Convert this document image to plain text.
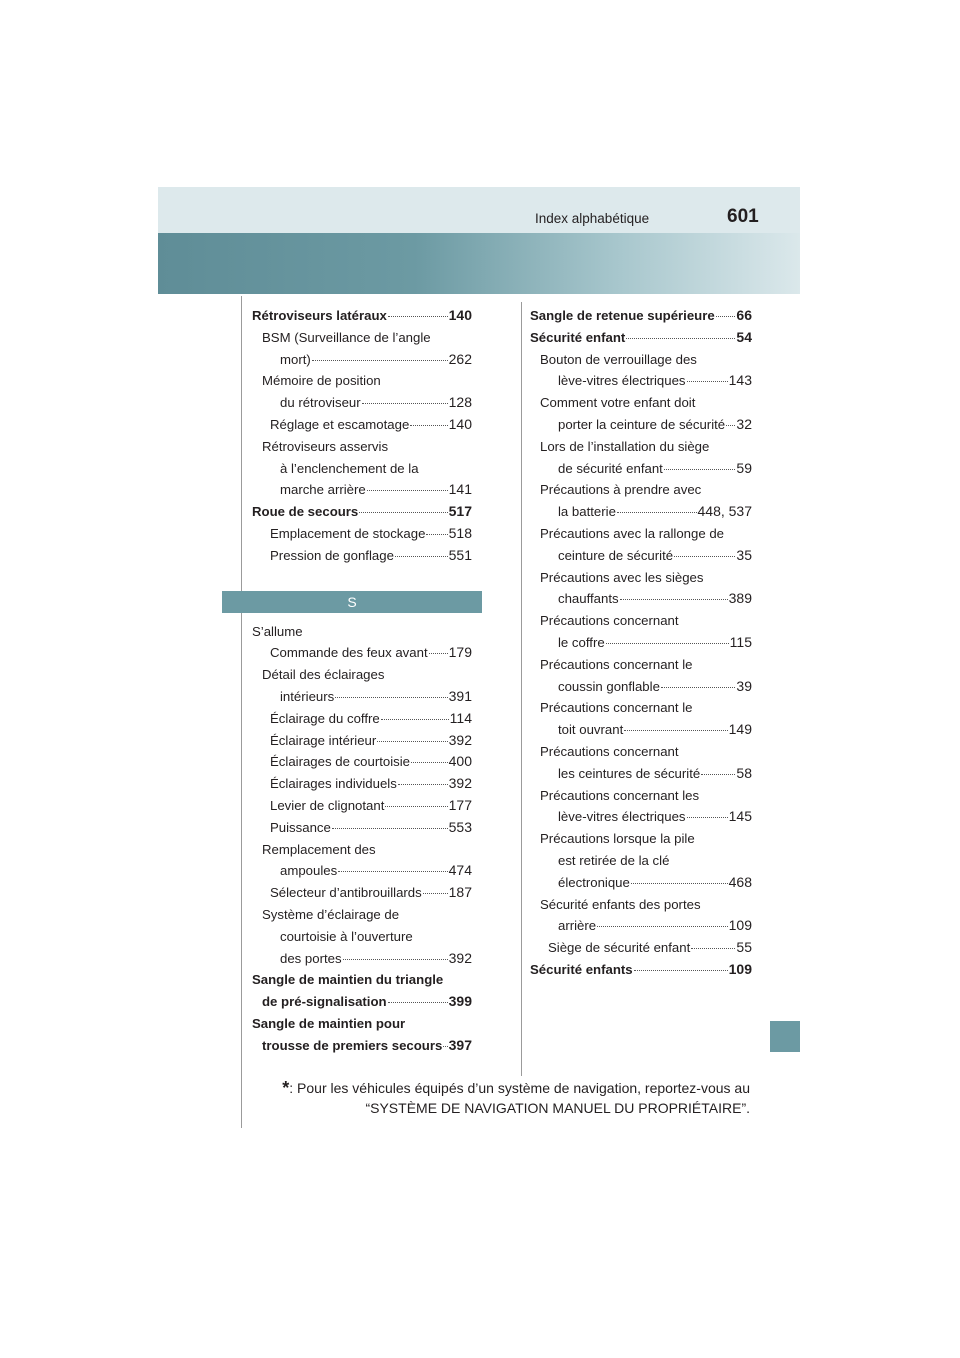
Index alphabétique	601
Rétroviseurs latéraux	140
BSM (Surveillance de l’angle
mort)	262
Mémoire de position
du rétroviseur	128
Réglage et escamotage	140
Rétroviseurs asservis
à l’enclenchement de la
marche arrière	141
Roue de secours	517
Emplacement de stockage 518
Pression de gonflage	551
S
S’allume
Commande des feux avant 179
Détail des éclairages
intérieurs	391
Éclairage du coffre	114
Éclairage intérieur	392
Éclairages de courtoisie	400
Éclairages individuels	392
Levier de clignotant	177
Puissance	553
Remplacement des
ampoules	474
Sélecteur d’antibrouillards 187
Système d’éclairage de
courtoisie à l’ouverture
des portes	392
Sangle de maintien du triangle
de pré-signalisation	399
Sangle de maintien pour
trousse de premiers secours 397
Sangle de retenue supérieure 66
Sécurité enfant	54
Bouton de verrouillage des
lève-vitres électriques	143
Comment votre enfant doit
porter la ceinture de sécurité 32
Lors de l’installation du siège
de sécurité enfant	59
Précautions à prendre avec
la batterie	448, 537
Précautions avec la rallonge de
ceinture de sécurité	35
Précautions avec les sièges
chauffants	389
Précautions concernant
le coffre	115
Précautions concernant le
coussin gonflable	39
Précautions concernant le
toit ouvrant	149
Précautions concernant
les ceintures de sécurité	58
Précautions concernant les
lève-vitres électriques	145
Précautions lorsque la pile
est retirée de la clé
électronique	468
Sécurité enfants des portes
arrière	109
Siège de sécurité enfant	55
Sécurité enfants	109
*: Pour les véhicules équipés d’un système de navigation, reportez-vous au
“SYSTÈME DE NAVIGATION MANUEL DU PROPRIÉTAIRE”.
